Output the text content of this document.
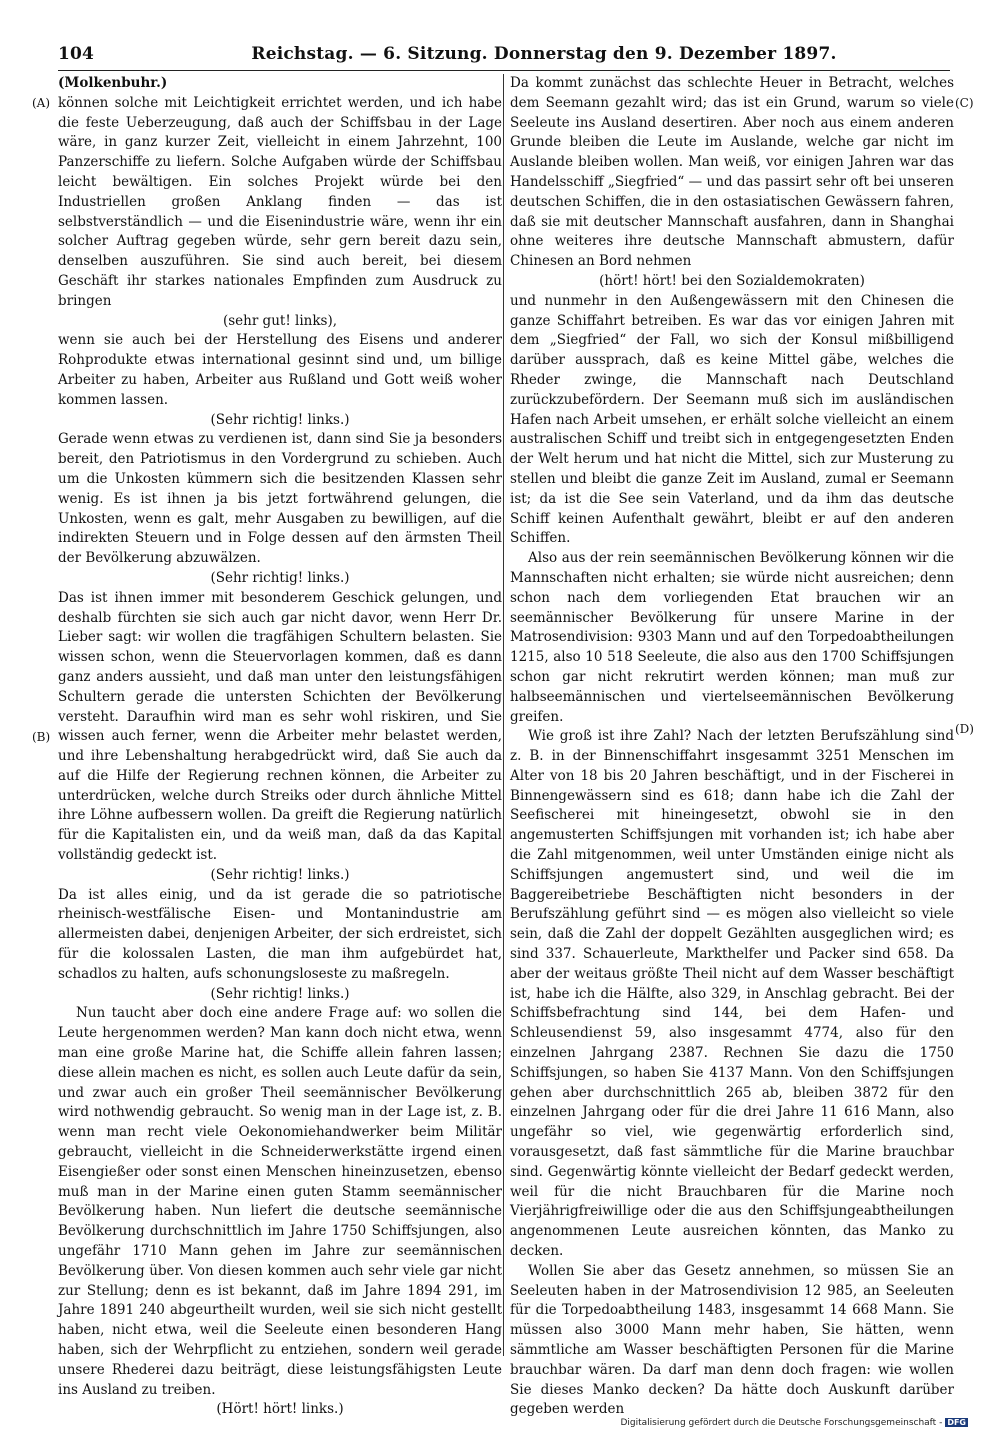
104	Reichstag. — 6. Sitzung. Donnerstag den 9. Dezember 1897.
(A)
(B)
(C)
(D)

(Molkenbuhr.)

können solche mit Leichtigkeit errichtet werden, und ich habe die feste Ueberzeugung, daß auch der Schiffsbau in der Lage wäre, in ganz kurzer Zeit, vielleicht in einem Jahrzehnt, 100 Panzerschiffe zu liefern. Solche Aufgaben würde der Schiffsbau leicht bewältigen. Ein solches Projekt würde bei den Industriellen großen Anklang finden — das ist selbstverständlich — und die Eisenindustrie wäre, wenn ihr ein solcher Auftrag gegeben würde, sehr gern bereit dazu sein, denselben auszuführen. Sie sind auch bereit, bei diesem Geschäft ihr starkes nationales Empfinden zum Ausdruck zu bringen

(sehr gut! links),

wenn sie auch bei der Herstellung des Eisens und anderer Rohprodukte etwas international gesinnt sind und, um billige Arbeiter zu haben, Arbeiter aus Rußland und Gott weiß woher kommen lassen.

(Sehr richtig! links.)

Gerade wenn etwas zu verdienen ist, dann sind Sie ja besonders bereit, den Patriotismus in den Vordergrund zu schieben. Auch um die Unkosten kümmern sich die besitzenden Klassen sehr wenig. Es ist ihnen ja bis jetzt fortwährend gelungen, die Unkosten, wenn es galt, mehr Ausgaben zu bewilligen, auf die indirekten Steuern und in Folge dessen auf den ärmsten Theil der Bevölkerung abzuwälzen.

(Sehr richtig! links.)

Das ist ihnen immer mit besonderem Geschick gelungen, und deshalb fürchten sie sich auch gar nicht davor, wenn Herr Dr. Lieber sagt: wir wollen die tragfähigen Schultern belasten. Sie wissen schon, wenn die Steuervorlagen kommen, daß es dann ganz anders aussieht, und daß man unter den leistungsfähigen Schultern gerade die untersten Schichten der Bevölkerung versteht. Daraufhin wird man es sehr wohl riskiren, und Sie wissen auch ferner, wenn die Arbeiter mehr belastet werden, und ihre Lebenshaltung herabgedrückt wird, daß Sie auch da auf die Hilfe der Regierung rechnen können, die Arbeiter zu unterdrücken, welche durch Streiks oder durch ähnliche Mittel ihre Löhne aufbessern wollen. Da greift die Regierung natürlich für die Kapitalisten ein, und da weiß man, daß da das Kapital vollständig gedeckt ist.

(Sehr richtig! links.)

Da ist alles einig, und da ist gerade die so patriotische rheinisch-westfälische Eisen- und Montanindustrie am allermeisten dabei, denjenigen Arbeiter, der sich erdreistet, sich für die kolossalen Lasten, die man ihm aufgebürdet hat, schadlos zu halten, aufs schonungsloseste zu maßregeln.

(Sehr richtig! links.)

Nun taucht aber doch eine andere Frage auf: wo sollen die Leute hergenommen werden? Man kann doch nicht etwa, wenn man eine große Marine hat, die Schiffe allein fahren lassen; diese allein machen es nicht, es sollen auch Leute dafür da sein, und zwar auch ein großer Theil seemännischer Bevölkerung wird nothwendig gebraucht. So wenig man in der Lage ist, z. B. wenn man recht viele Oekonomiehandwerker beim Militär gebraucht, vielleicht in die Schneiderwerkstätte irgend einen Eisengießer oder sonst einen Menschen hineinzusetzen, ebenso muß man in der Marine einen guten Stamm seemännischer Bevölkerung haben. Nun liefert die deutsche seemännische Bevölkerung durchschnittlich im Jahre 1750 Schiffsjungen, also ungefähr 1710 Mann gehen im Jahre zur seemännischen Bevölkerung über. Von diesen kommen auch sehr viele gar nicht zur Stellung; denn es ist bekannt, daß im Jahre 1894 291, im Jahre 1891 240 abgeurtheilt wurden, weil sie sich nicht gestellt haben, nicht etwa, weil die Seeleute einen besonderen Hang haben, sich der Wehrpflicht zu entziehen, sondern weil gerade unsere Rhederei dazu beiträgt, diese leistungsfähigsten Leute ins Ausland zu treiben.

(Hört! hört! links.)

Da kommt zunächst das schlechte Heuer in Betracht, welches dem Seemann gezahlt wird; das ist ein Grund, warum so viele Seeleute ins Ausland desertiren. Aber noch aus einem anderen Grunde bleiben die Leute im Auslande, welche gar nicht im Auslande bleiben wollen. Man weiß, vor einigen Jahren war das Handelsschiff „Siegfried“ — und das passirt sehr oft bei unseren deutschen Schiffen, die in den ostasiatischen Gewässern fahren, daß sie mit deutscher Mannschaft ausfahren, dann in Shanghai ohne weiteres ihre deutsche Mannschaft abmustern, dafür Chinesen an Bord nehmen

(hört! hört! bei den Sozialdemokraten)

und nunmehr in den Außengewässern mit den Chinesen die ganze Schiffahrt betreiben. Es war das vor einigen Jahren mit dem „Siegfried“ der Fall, wo sich der Konsul mißbilligend darüber aussprach, daß es keine Mittel gäbe, welches die Rheder zwinge, die Mannschaft nach Deutschland zurückzubefördern. Der Seemann muß sich im ausländischen Hafen nach Arbeit umsehen, er erhält solche vielleicht an einem australischen Schiff und treibt sich in entgegengesetzten Enden der Welt herum und hat nicht die Mittel, sich zur Musterung zu stellen und bleibt die ganze Zeit im Ausland, zumal er Seemann ist; da ist die See sein Vaterland, und da ihm das deutsche Schiff keinen Aufenthalt gewährt, bleibt er auf den anderen Schiffen.

Also aus der rein seemännischen Bevölkerung können wir die Mannschaften nicht erhalten; sie würde nicht ausreichen; denn schon nach dem vorliegenden Etat brauchen wir an seemännischer Bevölkerung für unsere Marine in der Matrosendivision: 9303 Mann und auf den Torpedoabtheilungen 1215, also 10 518 Seeleute, die also aus den 1700 Schiffsjungen schon gar nicht rekrutirt werden können; man muß zur halbseemännischen und viertelseemännischen Bevölkerung greifen.

Wie groß ist ihre Zahl? Nach der letzten Berufszählung sind z. B. in der Binnenschiffahrt insgesammt 3251 Menschen im Alter von 18 bis 20 Jahren beschäftigt, und in der Fischerei in Binnengewässern sind es 618; dann habe ich die Zahl der Seefischerei mit hineingesetzt, obwohl sie in den angemusterten Schiffsjungen mit vorhanden ist; ich habe aber die Zahl mitgenommen, weil unter Umständen einige nicht als Schiffsjungen angemustert sind, und weil die im Baggereibetriebe Beschäftigten nicht besonders in der Berufszählung geführt sind — es mögen also vielleicht so viele sein, daß die Zahl der doppelt Gezählten ausgeglichen wird; es sind 337. Schauerleute, Markthelfer und Packer sind 658. Da aber der weitaus größte Theil nicht auf dem Wasser beschäftigt ist, habe ich die Hälfte, also 329, in Anschlag gebracht. Bei der Schiffsbefrachtung sind 144, bei dem Hafen- und Schleusendienst 59, also insgesammt 4774, also für den einzelnen Jahrgang 2387. Rechnen Sie dazu die 1750 Schiffsjungen, so haben Sie 4137 Mann. Von den Schiffsjungen gehen aber durchschnittlich 265 ab, bleiben 3872 für den einzelnen Jahrgang oder für die drei Jahre 11 616 Mann, also ungefähr so viel, wie gegenwärtig erforderlich sind, vorausgesetzt, daß fast sämmtliche für die Marine brauchbar sind. Gegenwärtig könnte vielleicht der Bedarf gedeckt werden, weil für die nicht Brauchbaren für die Marine noch Vierjährigfreiwillige oder die aus den Schiffsjungeabtheilungen angenommenen Leute ausreichen könnten, das Manko zu decken.

Wollen Sie aber das Gesetz annehmen, so müssen Sie an Seeleuten haben in der Matrosendivision 12 985, an Seeleuten für die Torpedoabtheilung 1483, insgesammt 14 668 Mann. Sie müssen also 3000 Mann mehr haben, Sie hätten, wenn sämmtliche am Wasser beschäftigten Personen für die Marine brauchbar wären. Da darf man denn doch fragen: wie wollen Sie dieses Manko decken? Da hätte doch Auskunft darüber gegeben werden

Digitalisierung gefördert durch die Deutsche Forschungsgemeinschaft - DFG
